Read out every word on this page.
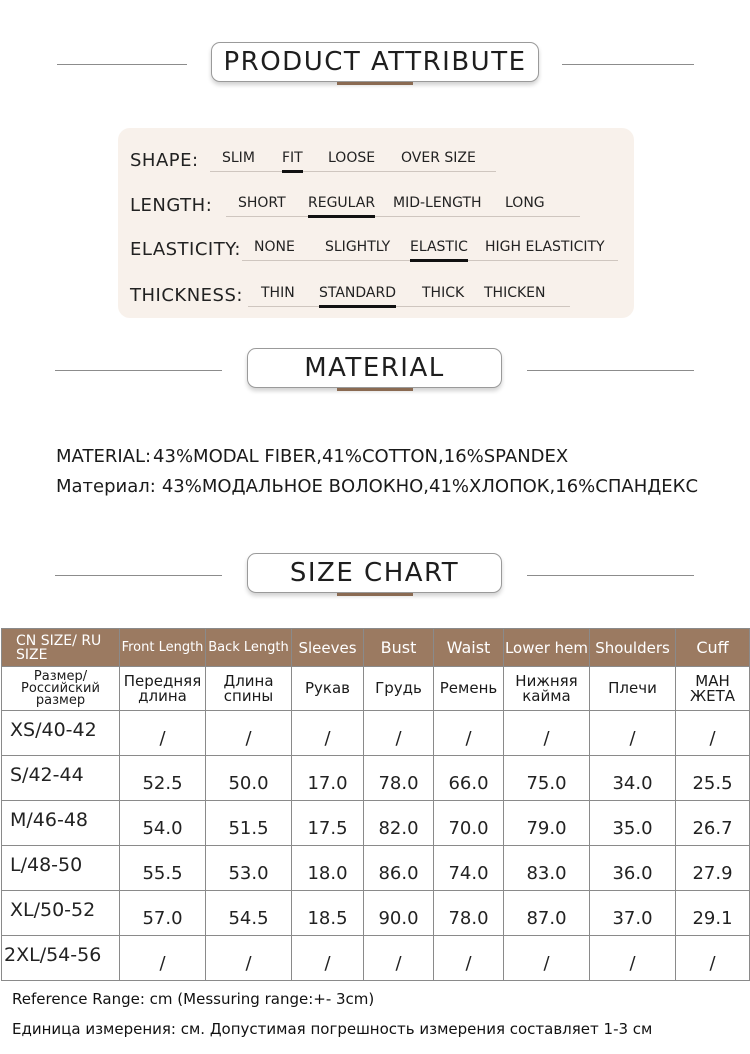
PRODUCT ATTRIBUTE
SHAPE: SLIM FIT LOOSE OVER SIZE
LENGTH: SHORT REGULAR MID-LENGTH LONG
ELASTICITY: NONE SLIGHTLY ELASTIC HIGH ELASTICITY
THICKNESS: THIN STANDARD THICK THICKEN
MATERIAL
MATERIAL: 43%MODAL FIBER,41%COTTON,16%SPANDEX
Материал: 43%МОДАЛЬНОЕ ВОЛОКНО,41%ХЛОПОК,16%СПАНДЕКС
SIZE CHART
CN SIZE/ RU SIZE	Front Length	Back Length	Sleeves	Bust	Waist	Lower hem	Shoulders	Cuff
Размер/ Российский размер	Передняя длина	Длина спины	Рукав	Грудь	Ремень	Нижняя кайма	Плечи	МАН ЖЕТА
XS/40-42	/	/	/	/	/	/	/	/
S/42-44	52.5	50.0	17.0	78.0	66.0	75.0	34.0	25.5
M/46-48	54.0	51.5	17.5	82.0	70.0	79.0	35.0	26.7
L/48-50	55.5	53.0	18.0	86.0	74.0	83.0	36.0	27.9
XL/50-52	57.0	54.5	18.5	90.0	78.0	87.0	37.0	29.1
2XL/54-56	/	/	/	/	/	/	/	/
Reference Range: cm (Messuring range:+- 3cm)
Единица измерения: см. Допустимая погрешность измерения составляет 1-3 см
